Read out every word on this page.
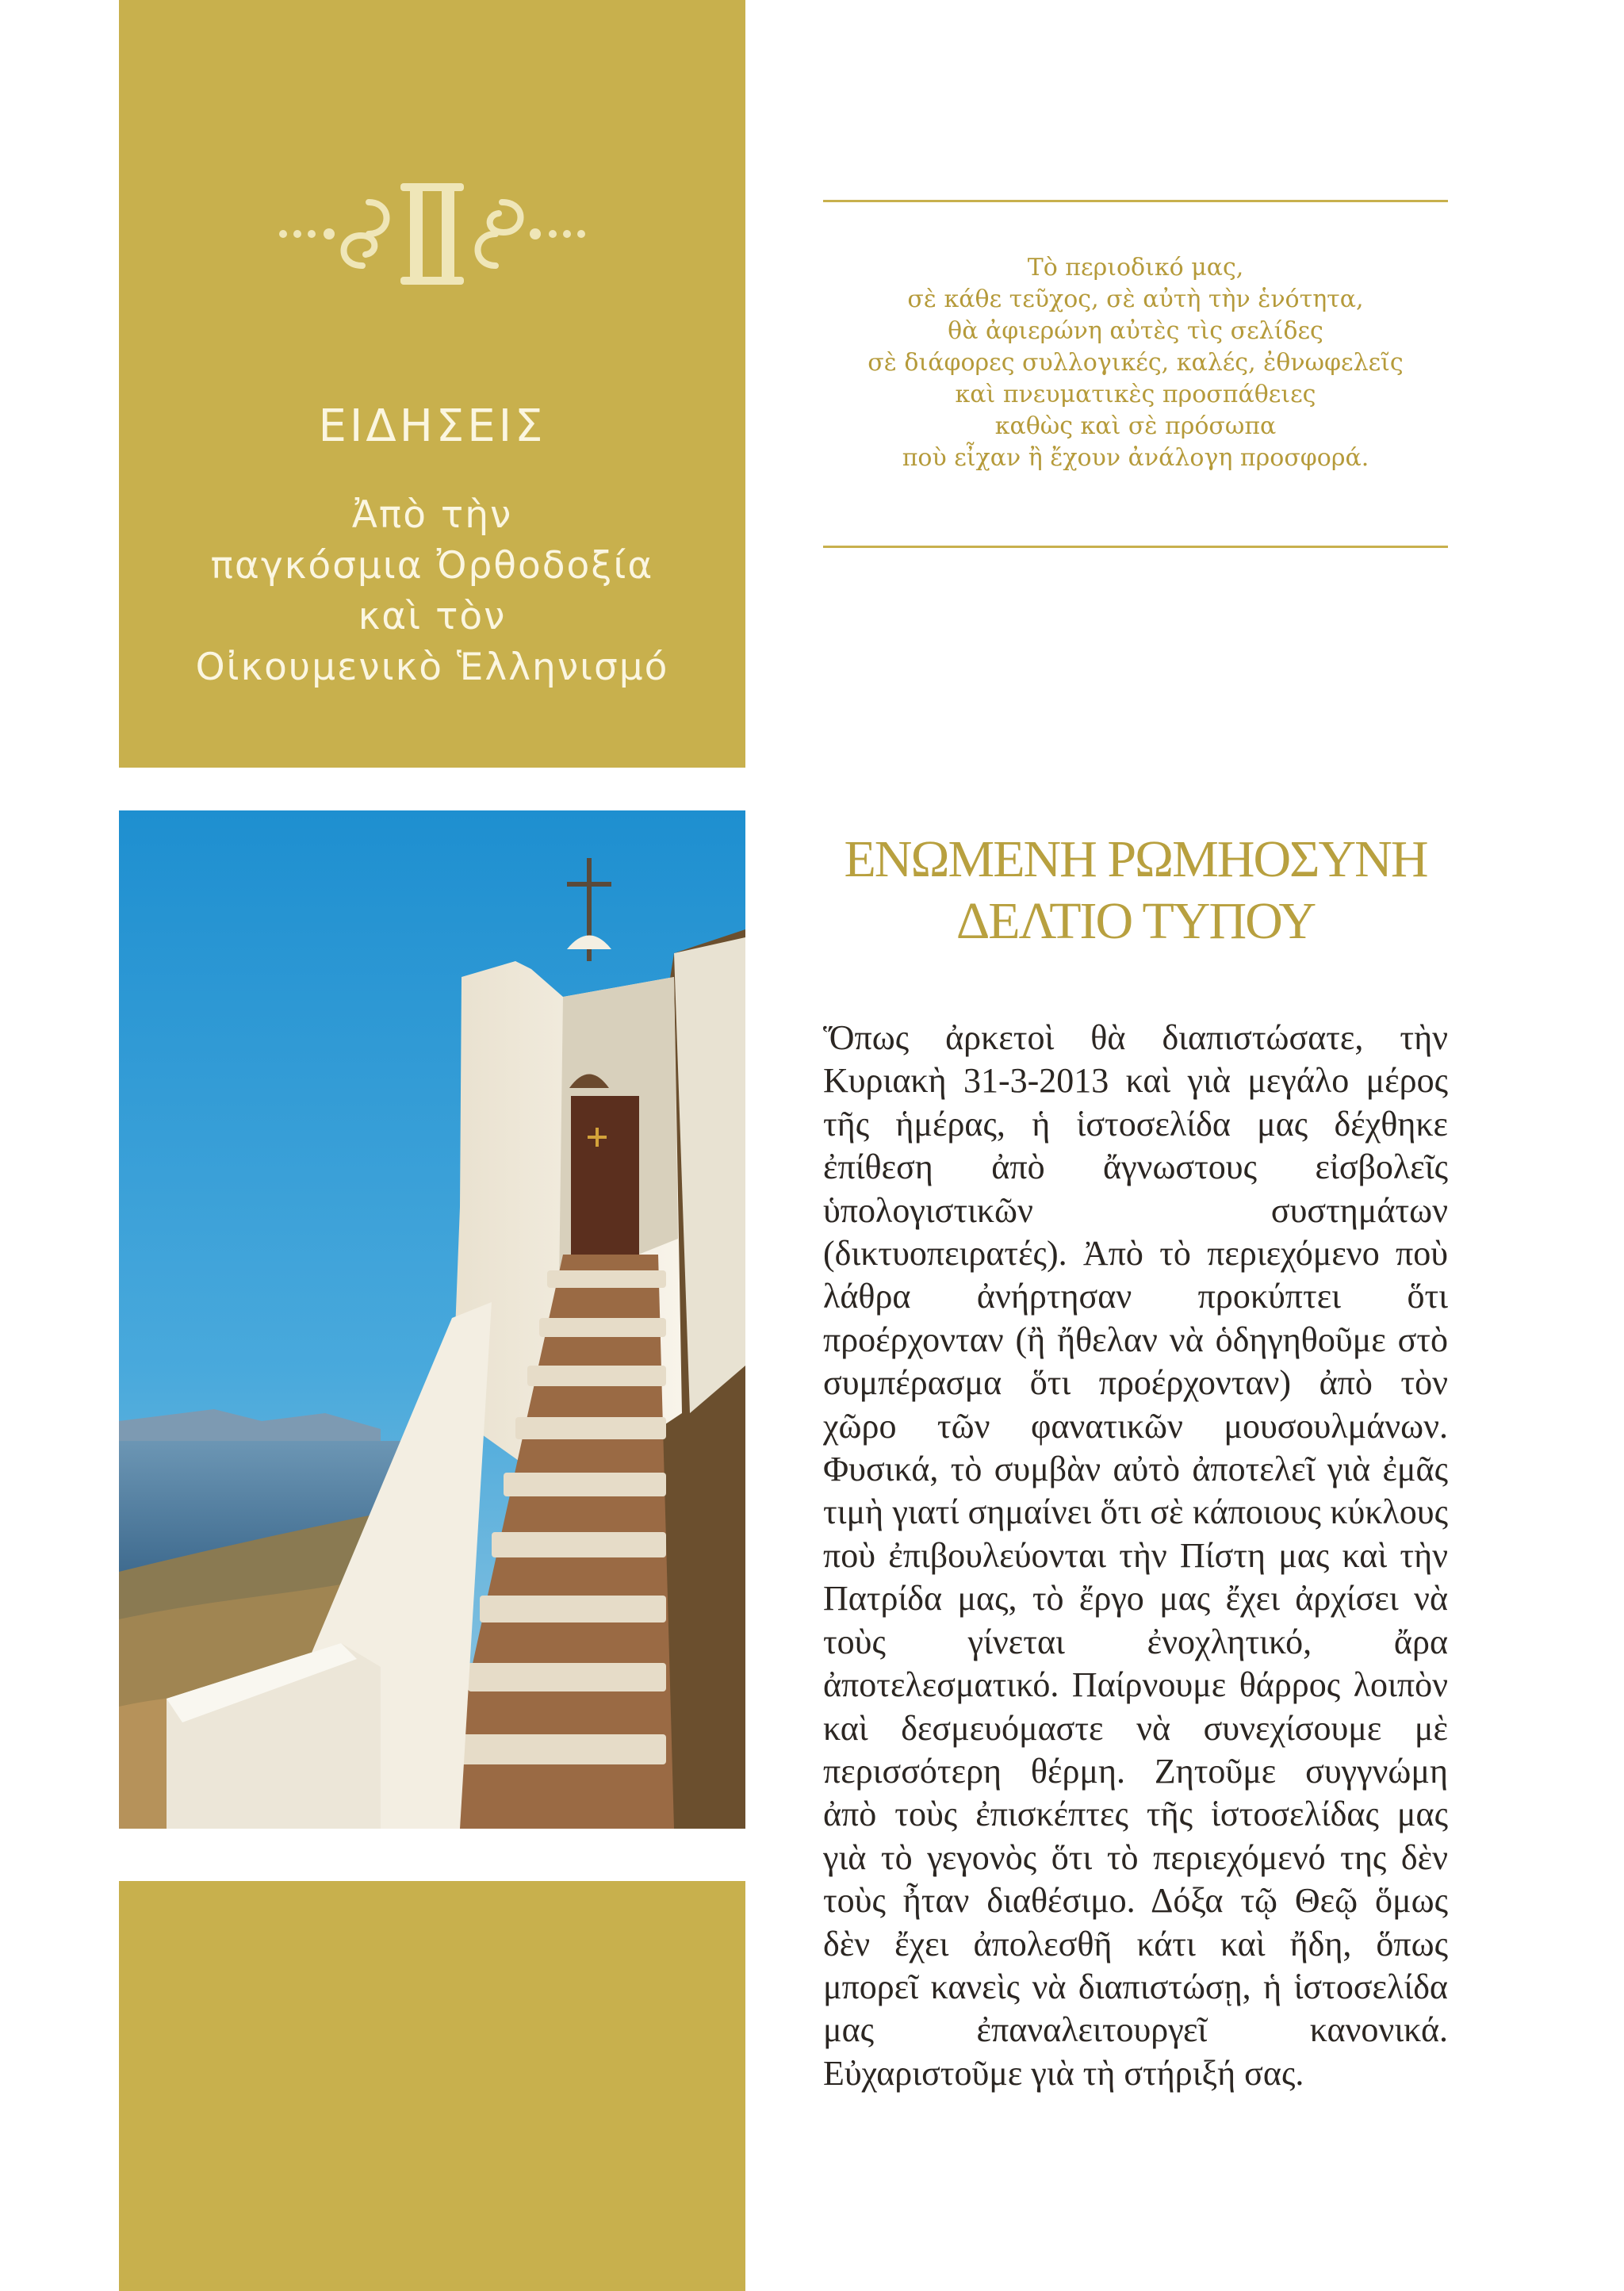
ΕΙΔΗΣΕΙΣ
Ἀπὸ τὴν
παγκόσμια Ὀρθοδοξία
καὶ τὸν
Οἰκουμενικὸ Ἑλληνισμό
Τὸ περιοδικό μας,
σὲ κάθε τεῦχος, σὲ αὐτὴ τὴν ἑνότητα,
θὰ ἀφιερώνη αὐτὲς τὶς σελίδες
σὲ διάφορες συλλογικές, καλές, ἐθνωφελεῖς
καὶ πνευματικὲς προσπάθειες
καθὼς καὶ σὲ πρόσωπα
ποὺ εἶχαν ἢ ἔχουν ἀνάλογη προσφορά.
ΕΝΩΜΕΝΗ ΡΩΜΗΟΣΥΝΗ
ΔΕΛΤΙΟ ΤΥΠΟΥ

Ὅπως ἀρκετοὶ θὰ διαπιστώσατε, τὴν Κυριακὴ 31-3-2013 καὶ γιὰ μεγάλο μέρος τῆς ἡμέρας, ἡ ἱστοσελίδα μας δέχθηκε ἐπίθεση ἀπὸ ἄγνωστους εἰσβολεῖς ὑπολογιστικῶν συστημάτων (δικτυοπειρατές). Ἀπὸ τὸ περιεχόμενο ποὺ λάθρα ἀνήρτησαν προκύπτει ὅτι προέρχονταν (ἢ ἤθελαν νὰ ὁδηγηθοῦμε στὸ συμπέρασμα ὅτι προέρχονταν) ἀπὸ τὸν χῶρο τῶν φανατικῶν μουσουλμάνων. Φυσικά, τὸ συμβὰν αὐτὸ ἀποτελεῖ γιὰ ἐμᾶς τιμὴ γιατί σημαίνει ὅτι σὲ κάποιους κύκλους ποὺ ἐπιβουλεύονται τὴν Πίστη μας καὶ τὴν Πατρίδα μας, τὸ ἔργο μας ἔχει ἀρχίσει νὰ τοὺς γίνεται ἐνοχλητικό, ἄρα ἀποτελεσματικό. Παίρνουμε θάρρος λοιπὸν καὶ δεσμευόμαστε νὰ συνεχίσουμε μὲ περισσότερη θέρμη. Ζητοῦμε συγγνώμη ἀπὸ τοὺς ἐπισκέπτες τῆς ἱστοσελίδας μας γιὰ τὸ γεγονὸς ὅτι τὸ περιεχόμενό της δὲν τοὺς ἦταν διαθέσιμο. Δόξα τῷ Θεῷ ὅμως δὲν ἔχει ἀπολεσθῆ κάτι καὶ ἤδη, ὅπως μπορεῖ κανεὶς νὰ διαπιστώσῃ, ἡ ἱστοσελίδα μας ἐπαναλειτουργεῖ κανονικά. Εὐχαριστοῦμε γιὰ τὴ στήριξή σας.
